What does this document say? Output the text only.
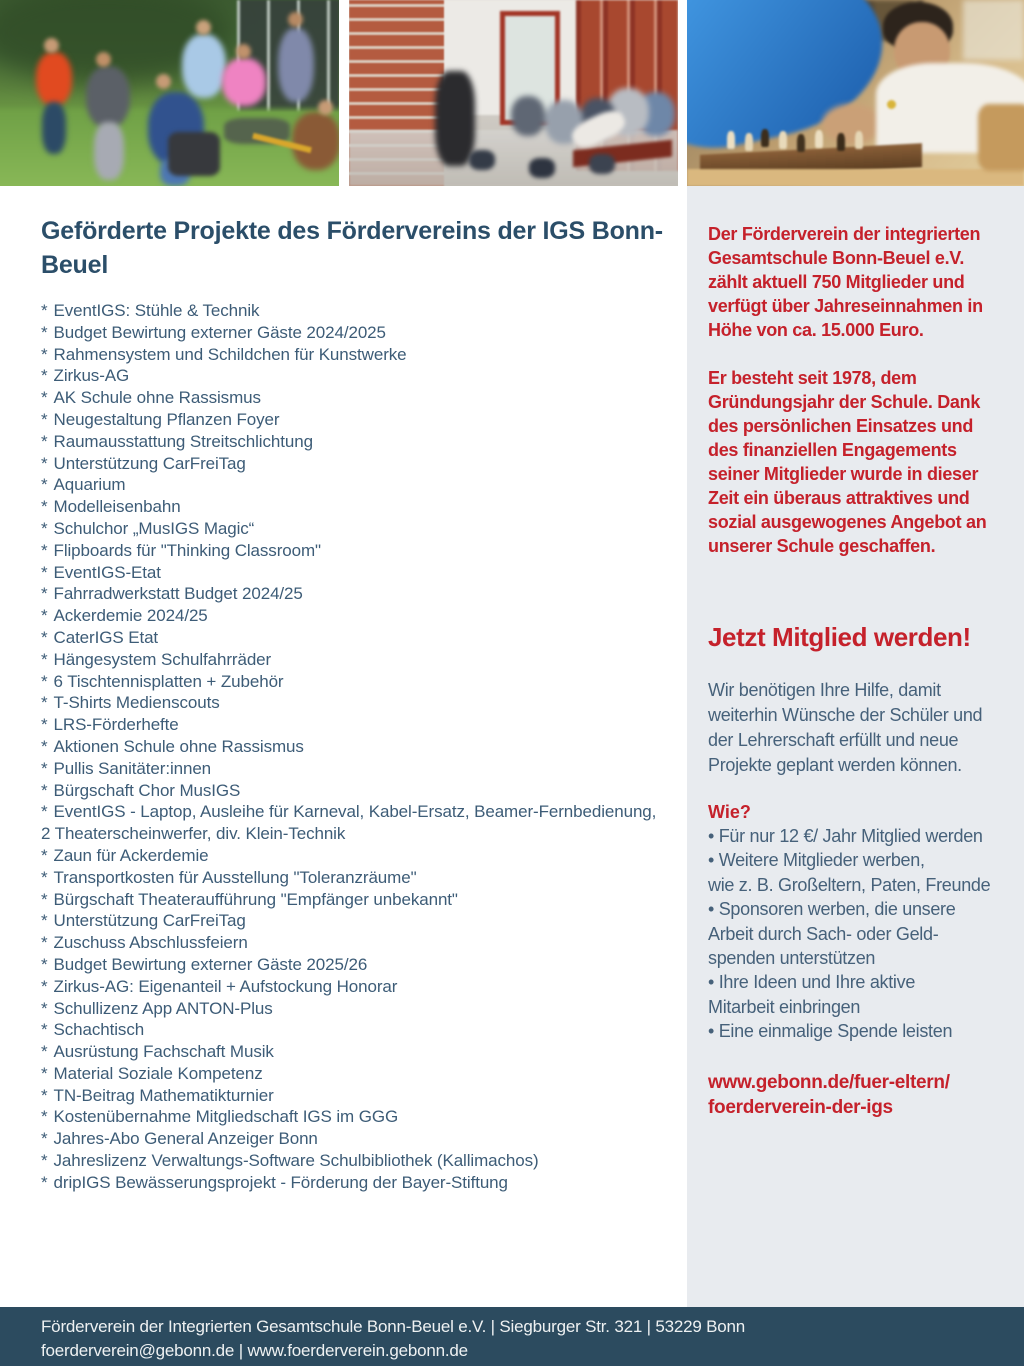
Geförderte Projekte des Fördervereins der IGS Bonn-Beuel
* EventIGS: Stühle & Technik
* Budget Bewirtung externer Gäste 2024/2025
* Rahmensystem und Schildchen für Kunstwerke
* Zirkus-AG
* AK Schule ohne Rassismus
* Neugestaltung Pflanzen Foyer
* Raumausstattung Streitschlichtung
* Unterstützung CarFreiTag
* Aquarium
* Modelleisenbahn
* Schulchor „MusIGS Magic“
* Flipboards für "Thinking Classroom"
* EventIGS-Etat
* Fahrradwerkstatt Budget 2024/25
* Ackerdemie 2024/25
* CaterIGS Etat
* Hängesystem Schulfahrräder
* 6 Tischtennisplatten + Zubehör
* T-Shirts Medienscouts
* LRS-Förderhefte
* Aktionen Schule ohne Rassismus
* Pullis Sanitäter:innen
* Bürgschaft Chor MusIGS
* EventIGS - Laptop, Ausleihe für Karneval, Kabel-Ersatz, Beamer-Fernbedienung, 2 Theaterscheinwerfer, div. Klein-Technik
* Zaun für Ackerdemie
* Transportkosten für Ausstellung "Toleranzräume"
* Bürgschaft Theateraufführung "Empfänger unbekannt"
* Unterstützung CarFreiTag
* Zuschuss Abschlussfeiern
* Budget Bewirtung externer Gäste 2025/26
* Zirkus-AG: Eigenanteil + Aufstockung Honorar
* Schullizenz App ANTON-Plus
* Schachtisch
* Ausrüstung Fachschaft Musik
* Material Soziale Kompetenz
* TN-Beitrag Mathematikturnier
* Kostenübernahme Mitgliedschaft IGS im GGG
* Jahres-Abo General Anzeiger Bonn
* Jahreslizenz Verwaltungs-Software Schulbibliothek (Kallimachos)
* dripIGS Bewässerungsprojekt - Förderung der Bayer-Stiftung
Der Förderverein der integrierten
Gesamtschule Bonn-Beuel e.V.
zählt aktuell 750 Mitglieder und
verfügt über Jahreseinnahmen in
Höhe von ca. 15.000 Euro.
Er besteht seit 1978, dem
Gründungsjahr der Schule. Dank
des persönlichen Einsatzes und
des finanziellen Engagements
seiner Mitglieder wurde in dieser
Zeit ein überaus attraktives und
sozial ausgewogenes Angebot an
unserer Schule geschaffen.
Jetzt Mitglied werden!
Wir benötigen Ihre Hilfe, damit
weiterhin Wünsche der Schüler und
der Lehrerschaft erfüllt und neue
Projekte geplant werden können.
Wie?
• Für nur 12 €/ Jahr Mitglied werden
• Weitere Mitglieder werben,
wie z. B. Großeltern, Paten, Freunde
• Sponsoren werben, die unsere
Arbeit durch Sach- oder Geld-
spenden unterstützen
• Ihre Ideen und Ihre aktive
Mitarbeit einbringen
• Eine einmalige Spende leisten
www.gebonn.de/fuer-eltern/
foerderverein-der-igs
Förderverein der Integrierten Gesamtschule Bonn-Beuel e.V. | Siegburger Str. 321 | 53229 Bonn
foerderverein@gebonn.de | www.foerderverein.gebonn.de
